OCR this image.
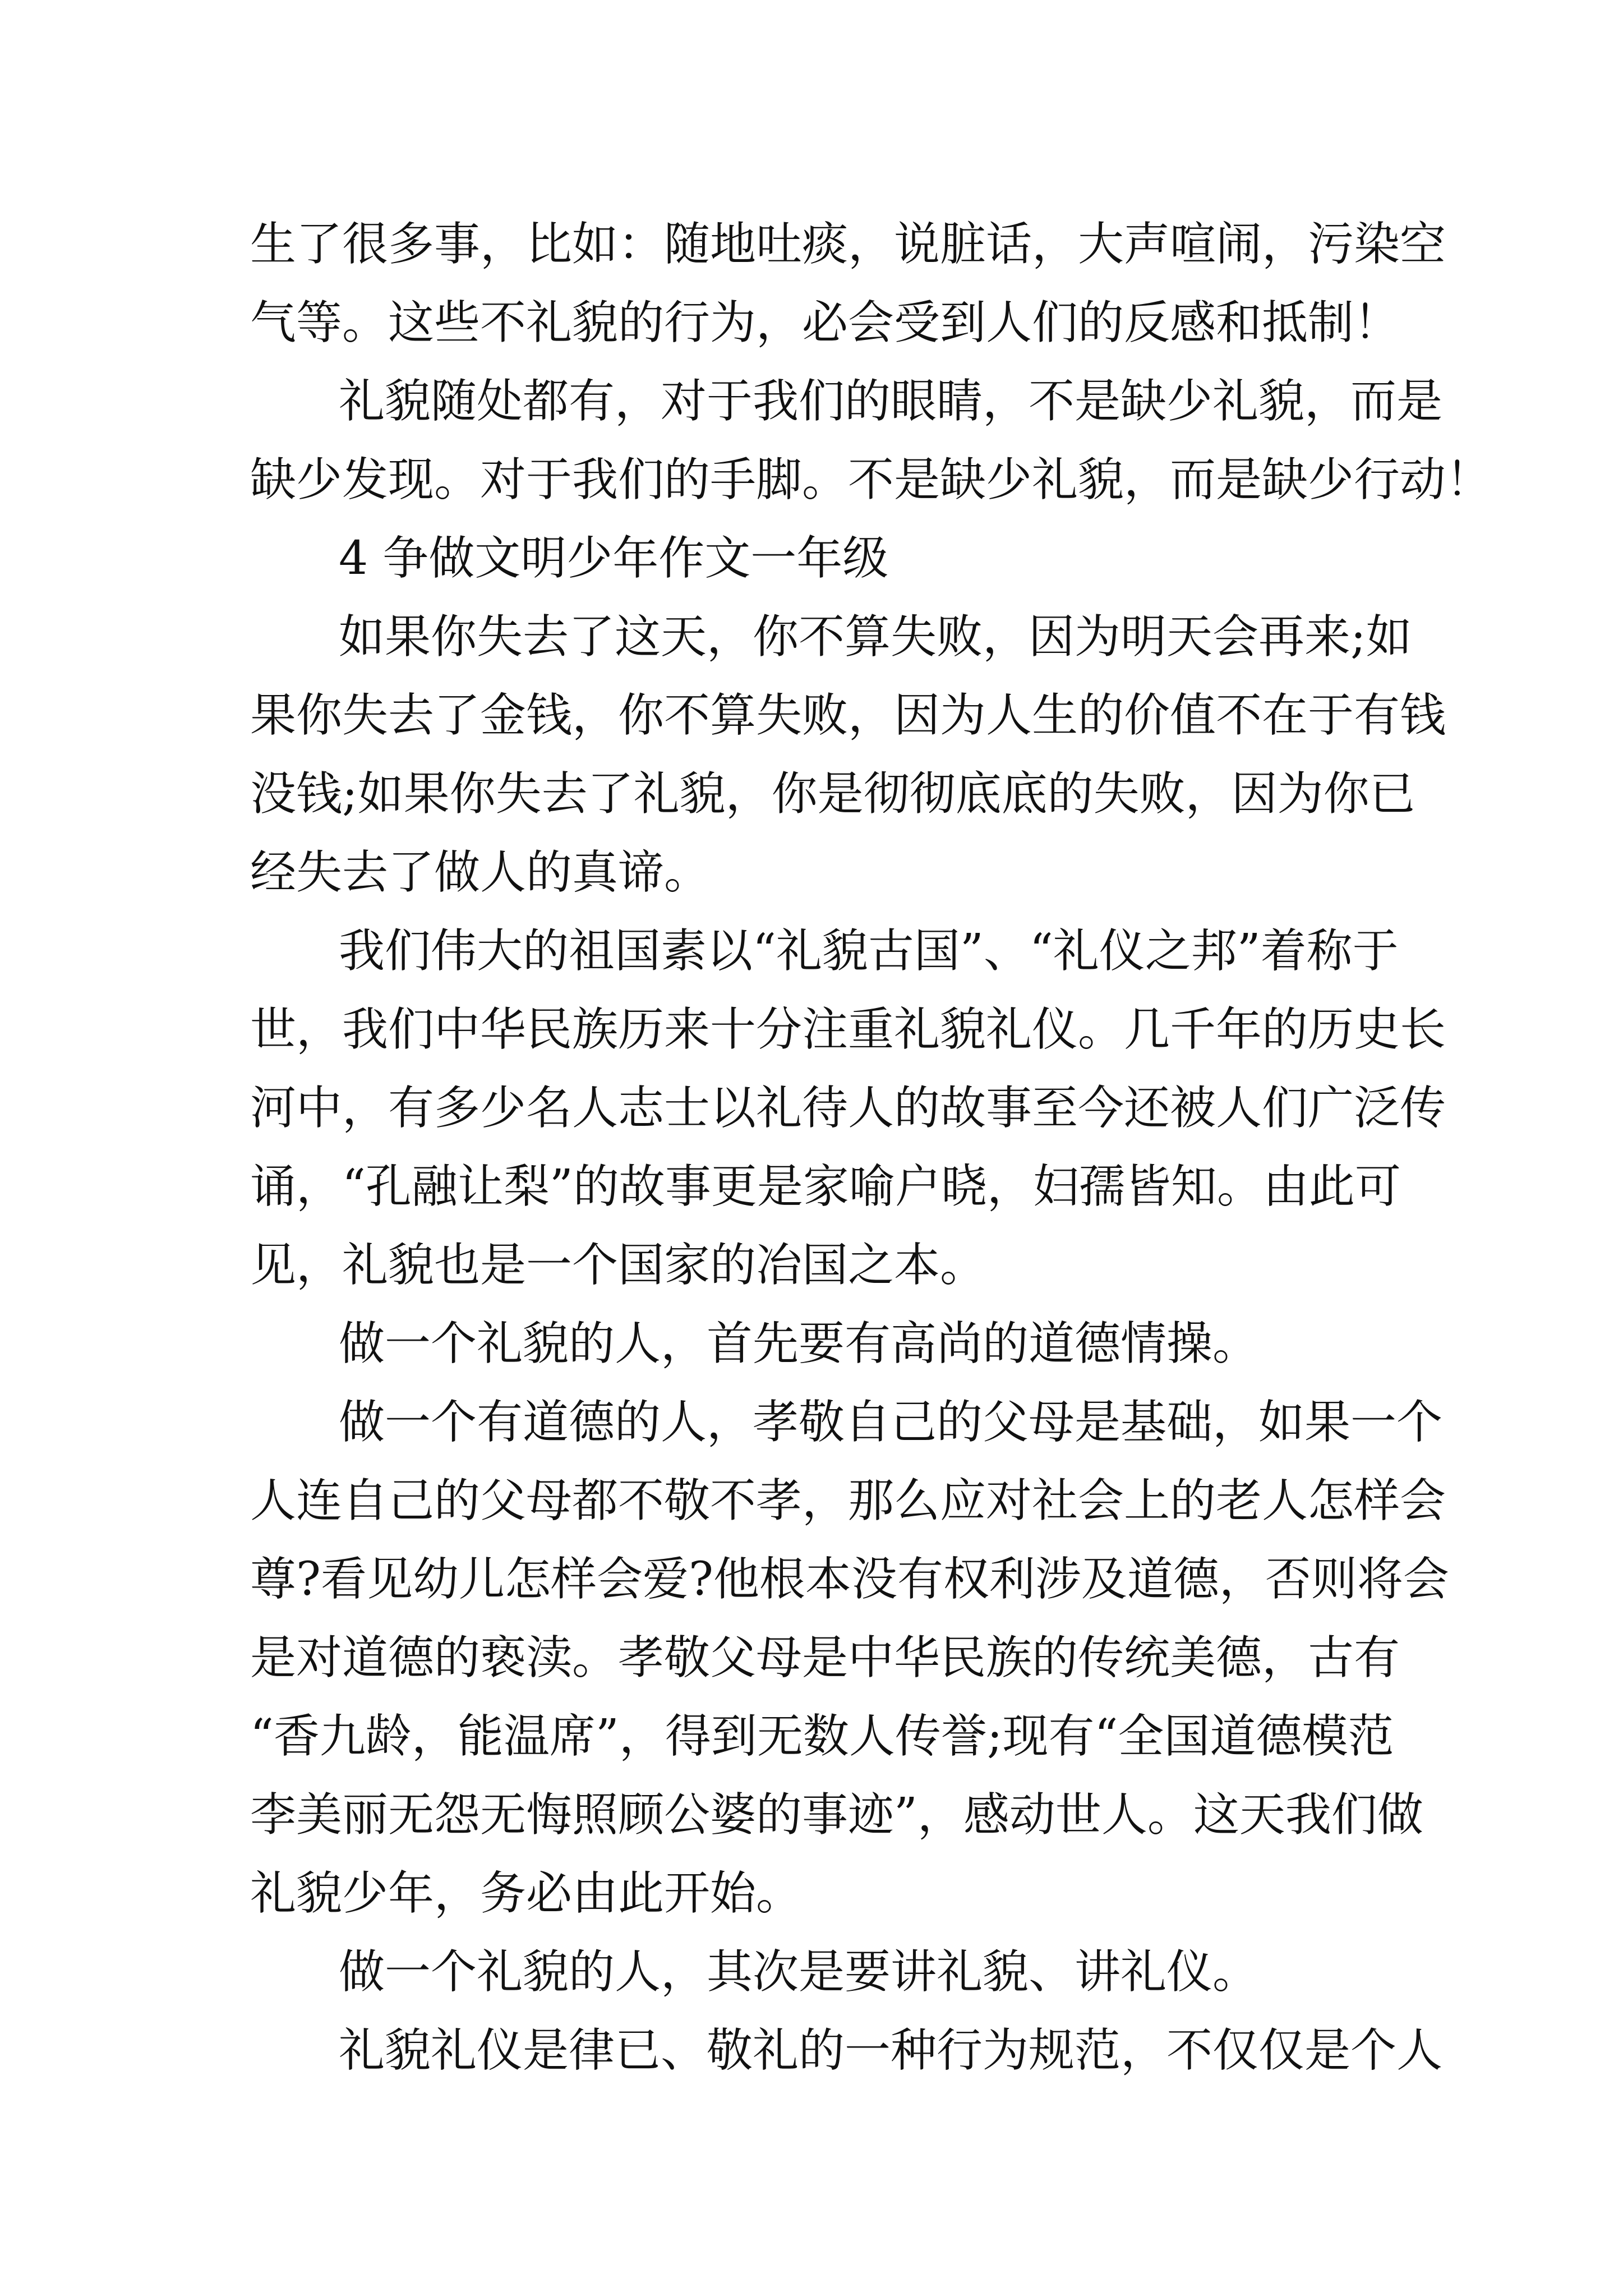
生了很多事，比如：随地吐痰，说脏话，大声喧闹，污染空
气等。这些不礼貌的行为，必会受到人们的反感和抵制！
礼貌随处都有，对于我们的眼睛，不是缺少礼貌，而是
缺少发现。对于我们的手脚。不是缺少礼貌，而是缺少行动！
4 争做文明少年作文一年级
如果你失去了这天，你不算失败，因为明天会再来;如
果你失去了金钱，你不算失败，因为人生的价值不在于有钱
没钱;如果你失去了礼貌，你是彻彻底底的失败，因为你已
经失去了做人的真谛。
我们伟大的祖国素以“礼貌古国”、“礼仪之邦”着称于
世，我们中华民族历来十分注重礼貌礼仪。几千年的历史长
河中，有多少名人志士以礼待人的故事至今还被人们广泛传
诵，“孔融让梨”的故事更是家喻户晓，妇孺皆知。由此可
见，礼貌也是一个国家的冶国之本。
做一个礼貌的人，首先要有高尚的道德情操。
做一个有道德的人，孝敬自己的父母是基础，如果一个
人连自己的父母都不敬不孝，那么应对社会上的老人怎样会
尊?看见幼儿怎样会爱?他根本没有权利涉及道德，否则将会
是对道德的亵渎。孝敬父母是中华民族的传统美德，古有
“香九龄，能温席”，得到无数人传誉;现有“全国道德模范
李美丽无怨无悔照顾公婆的事迹”，感动世人。这天我们做
礼貌少年，务必由此开始。
做一个礼貌的人，其次是要讲礼貌、讲礼仪。
礼貌礼仪是律已、敬礼的一种行为规范，不仅仅是个人
